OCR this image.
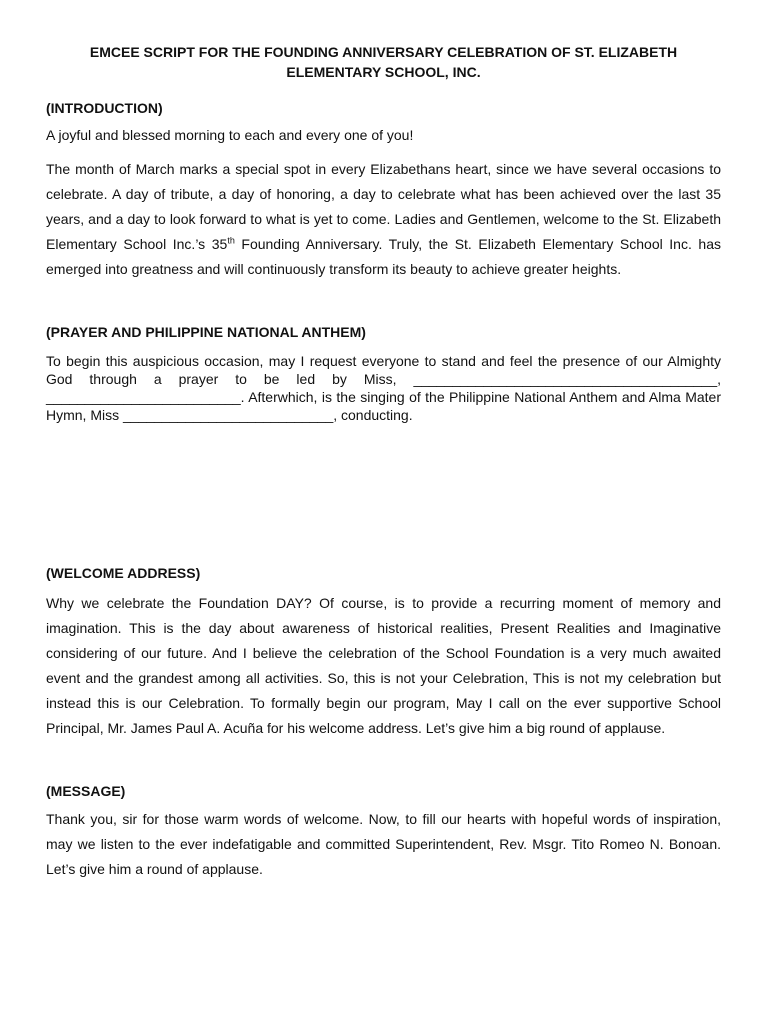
EMCEE SCRIPT FOR THE FOUNDING ANNIVERSARY CELEBRATION OF ST. ELIZABETH ELEMENTARY SCHOOL, INC.
(INTRODUCTION)

A joyful and blessed morning to each and every one of you!

The month of March marks a special spot in every Elizabethans heart, since we have several occasions to celebrate. A day of tribute, a day of honoring, a day to celebrate what has been achieved over the last 35 years, and a day to look forward to what is yet to come. Ladies and Gentlemen, welcome to the St. Elizabeth Elementary School Inc.’s 35th Founding Anniversary. Truly, the St. Elizabeth Elementary School Inc. has emerged into greatness and will continuously transform its beauty to achieve greater heights.

(PRAYER AND PHILIPPINE NATIONAL ANTHEM)

To begin this auspicious occasion, may I request everyone to stand and feel the presence of our Almighty God through a prayer to be led by Miss, _______________________________________, _________________________. Afterwhich, is the singing of the Philippine National Anthem and Alma Mater Hymn, Miss ___________________________, conducting.

(WELCOME ADDRESS)

Why we celebrate the Foundation DAY? Of course, is to provide a recurring moment of memory and imagination. This is the day about awareness of historical realities, Present Realities and Imaginative considering of our future. And I believe the celebration of the School Foundation is a very much awaited event and the grandest among all activities. So, this is not your Celebration, This is not my celebration but instead this is our Celebration. To formally begin our program, May I call on the ever supportive School Principal, Mr. James Paul A. Acuña for his welcome address. Let’s give him a big round of applause.

(MESSAGE)

Thank you, sir for those warm words of welcome. Now, to fill our hearts with hopeful words of inspiration, may we listen to the ever indefatigable and committed Superintendent, Rev. Msgr. Tito Romeo N. Bonoan. Let’s give him a round of applause.
